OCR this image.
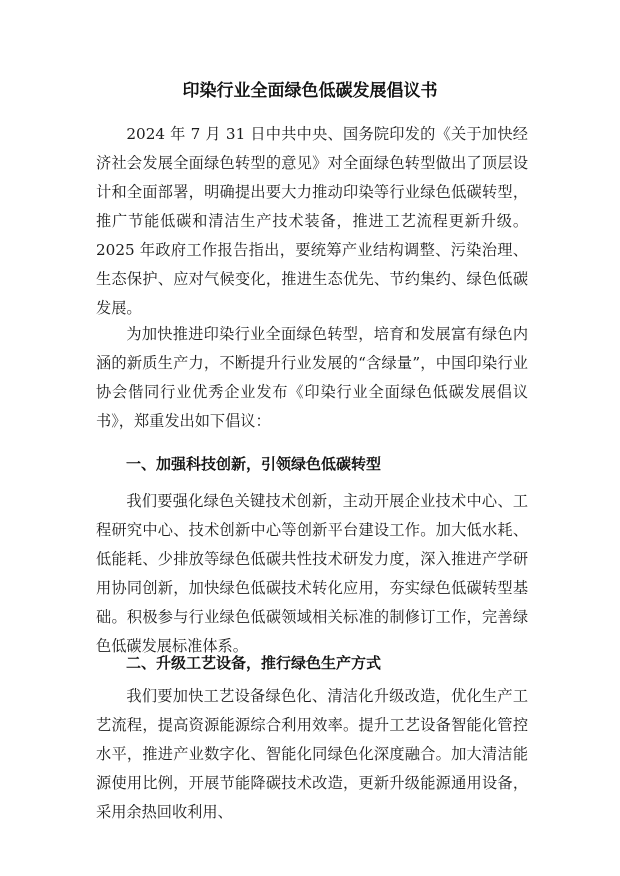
印染行业全面绿色低碳发展倡议书

2024 年 7 月 31 日中共中央、国务院印发的《关于加快经济社会发展全面绿色转型的意见》对全面绿色转型做出了顶层设计和全面部署，明确提出要大力推动印染等行业绿色低碳转型，推广节能低碳和清洁生产技术装备，推进工艺流程更新升级。2025 年政府工作报告指出，要统筹产业结构调整、污染治理、生态保护、应对气候变化，推进生态优先、节约集约、绿色低碳发展。

为加快推进印染行业全面绿色转型，培育和发展富有绿色内涵的新质生产力，不断提升行业发展的“含绿量”，中国印染行业协会偕同行业优秀企业发布《印染行业全面绿色低碳发展倡议书》，郑重发出如下倡议：

一、加强科技创新，引领绿色低碳转型

我们要强化绿色关键技术创新，主动开展企业技术中心、工程研究中心、技术创新中心等创新平台建设工作。加大低水耗、低能耗、少排放等绿色低碳共性技术研发力度，深入推进产学研用协同创新，加快绿色低碳技术转化应用，夯实绿色低碳转型基础。积极参与行业绿色低碳领域相关标准的制修订工作，完善绿色低碳发展标准体系。

二、升级工艺设备，推行绿色生产方式

我们要加快工艺设备绿色化、清洁化升级改造，优化生产工艺流程，提高资源能源综合利用效率。提升工艺设备智能化管控水平，推进产业数字化、智能化同绿色化深度融合。加大清洁能源使用比例，开展节能降碳技术改造，更新升级能源通用设备，采用余热回收利用、
